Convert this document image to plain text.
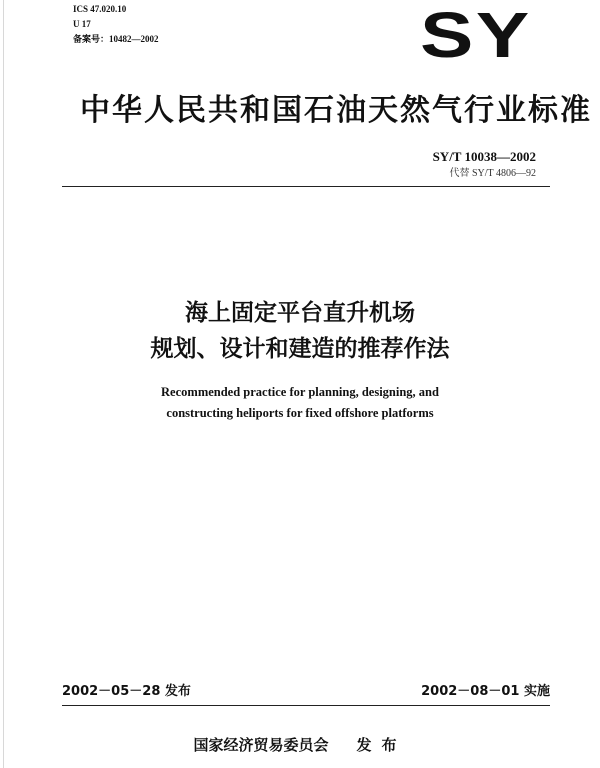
ICS 47.020.10
U 17
备案号：10482—2002	SY
中华人民共和国石油天然气行业标准
SY/T 10038—2002
代替 SY/T 4806—92
海上固定平台直升机场
规划、设计和建造的推荐作法
Recommended practice for planning, designing, and
constructing heliports for fixed offshore platforms
2002－05－28 发布	2002－08－01 实施
国家经济贸易委员会 发布
